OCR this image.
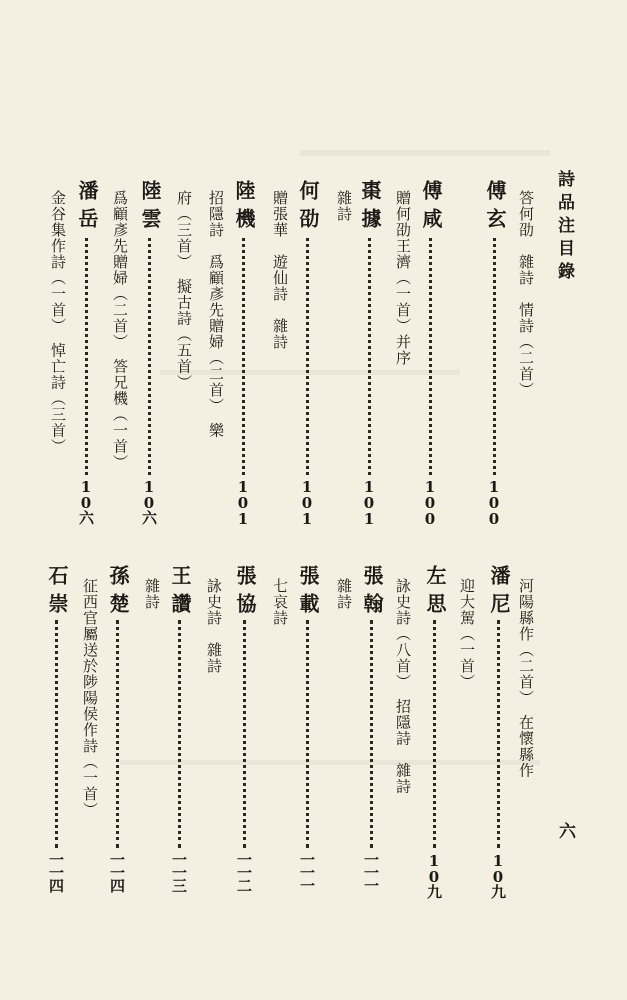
詩品注目錄
六
傅玄
100
答何劭　雜詩　情詩（二首）
傅咸
100
贈何劭王濟（一首）并序
棗據
101
雜詩
何劭
101
贈張華　遊仙詩　雜詩
陸機
101
招隱詩　爲顧彥先贈婦（二首）　樂
府（三首）　擬古詩（五首）
陸雲
10六
爲顧彥先贈婦（二首）　答兄機（一首）
潘岳
10六
金谷集作詩（一首）　悼亡詩（三首）
潘尼
10九
河陽縣作（二首）　在懷縣作
迎大駕（一首）
左思
10九
詠史詩（八首）　招隱詩　雜詩
張翰
一一一
雜詩
張載
一一一
七哀詩
張協
一一二
詠史詩　雜詩
王讚
一一三
雜詩
孫楚
一一四
征西官屬送於陟陽侯作詩（一首）
石崇
一一四
